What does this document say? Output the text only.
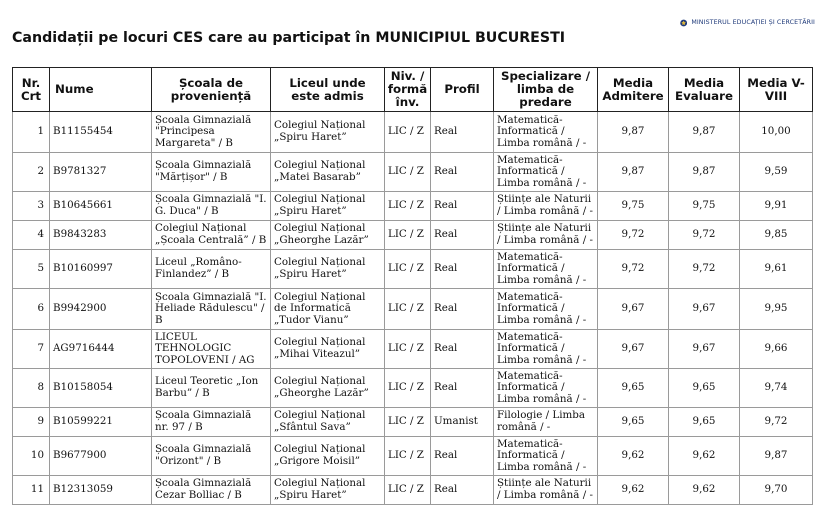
MINISTERUL EDUCAȚIEI ȘI CERCETĂRII
Candidații pe locuri CES care au participat în MUNICIPIUL BUCURESTI
Nr. Crt	Nume	Școala de proveniență	Liceul unde este admis	Niv. / formă înv.	Profil	Specializare / limba de predare	Media Admitere	Media Evaluare	Media V-VIII
1	B11155454	Școala Gimnazială "Principesa Margareta" / B	Colegiul Național „Spiru Haret”	LIC / Z	Real	Matematică-Informatică / Limba română / -	9,87	9,87	10,00
2	B9781327	Școala Gimnazială "Mărțișor" / B	Colegiul Național „Matei Basarab”	LIC / Z	Real	Matematică-Informatică / Limba română / -	9,87	9,87	9,59
3	B10645661	Școala Gimnazială "I. G. Duca" / B	Colegiul Național „Spiru Haret”	LIC / Z	Real	Științe ale Naturii / Limba română / -	9,75	9,75	9,91
4	B9843283	Colegiul Național „Școala Centrală” / B	Colegiul Național „Gheorghe Lazăr”	LIC / Z	Real	Științe ale Naturii / Limba română / -	9,72	9,72	9,85
5	B10160997	Liceul „Româno-Finlandez” / B	Colegiul Național „Spiru Haret”	LIC / Z	Real	Matematică-Informatică / Limba română / -	9,72	9,72	9,61
6	B9942900	Școala Gimnazială "I. Heliade Rădulescu" / B	Colegiul Național de Informatică „Tudor Vianu”	LIC / Z	Real	Matematică-Informatică / Limba română / -	9,67	9,67	9,95
7	AG9716444	LICEUL TEHNOLOGIC TOPOLOVENI / AG	Colegiul Național „Mihai Viteazul”	LIC / Z	Real	Matematică-Informatică / Limba română / -	9,67	9,67	9,66
8	B10158054	Liceul Teoretic „Ion Barbu” / B	Colegiul Național „Gheorghe Lazăr”	LIC / Z	Real	Matematică-Informatică / Limba română / -	9,65	9,65	9,74
9	B10599221	Școala Gimnazială nr. 97 / B	Colegiul Național „Sfântul Sava”	LIC / Z	Umanist	Filologie / Limba română / -	9,65	9,65	9,72
10	B9677900	Școala Gimnazială "Orizont" / B	Colegiul Național „Grigore Moisil”	LIC / Z	Real	Matematică-Informatică / Limba română / -	9,62	9,62	9,87
11	B12313059	Școala Gimnazială Cezar Bolliac / B	Colegiul Național „Spiru Haret”	LIC / Z	Real	Științe ale Naturii / Limba română / -	9,62	9,62	9,70
